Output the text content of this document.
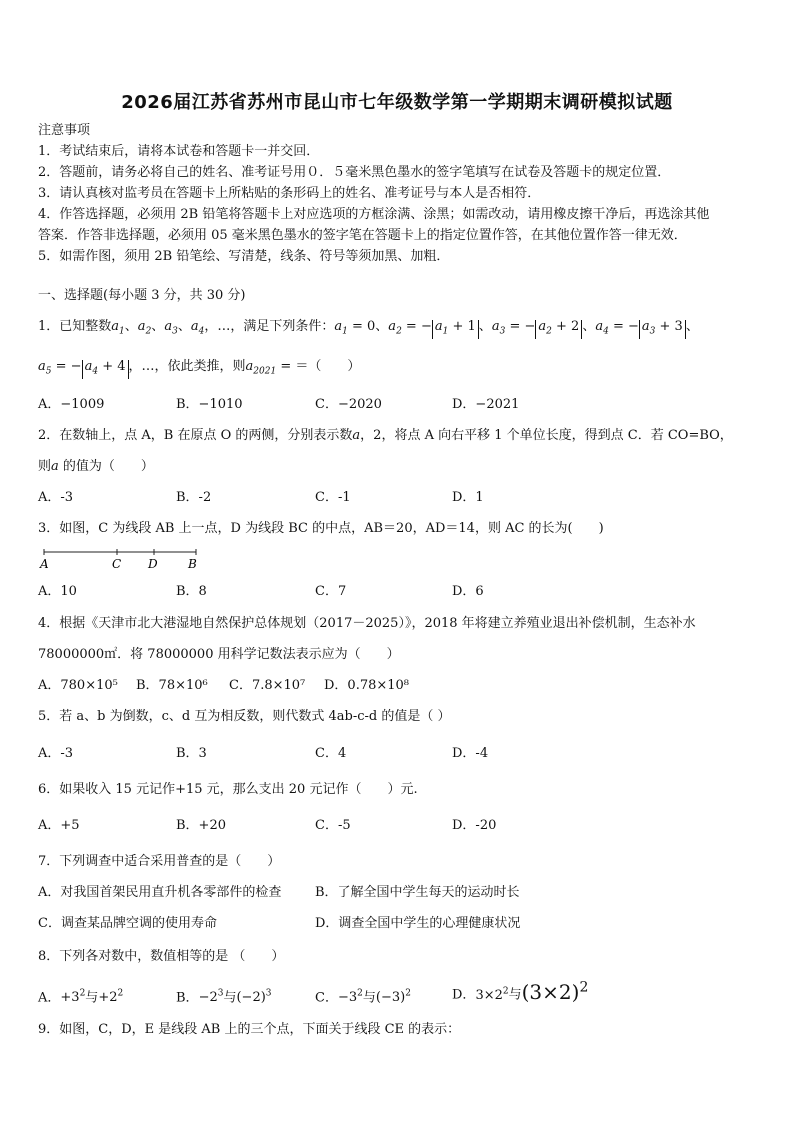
2026届江苏省苏州市昆山市七年级数学第一学期期末调研模拟试题
注意事项
1．考试结束后，请将本试卷和答题卡一并交回．
2．答题前，请务必将自己的姓名、准考证号用０．５毫米黑色墨水的签字笔填写在试卷及答题卡的规定位置．
3．请认真核对监考员在答题卡上所粘贴的条形码上的姓名、准考证号与本人是否相符．
4．作答选择题，必须用 2B 铅笔将答题卡上对应选项的方框涂满、涂黑；如需改动，请用橡皮擦干净后，再选涂其他
答案．作答非选择题，必须用 05 毫米黑色墨水的签字笔在答题卡上的指定位置作答，在其他位置作答一律无效．
5．如需作图，须用 2B 铅笔绘、写清楚，线条、符号等须加黑、加粗．
一、选择题(每小题 3 分，共 30 分)
1．已知整数$a_1$、$a_2$、$a_3$、$a_4$，…，满足下列条件：$a_1 = 0$、$a_2$ = − $a_1 + 1$ 、$a_3$ = − $a_2 + 2$ 、$a_4$ = − $a_3 + 3$ 、
$a_5$ = − $a_4 + 4$ ，…，依此类推，则$a_{2021}$ = ＝（　　）
A．−1009	B．−1010	C．−2020	D．−2021
2．在数轴上，点 A，B 在原点 O 的两侧，分别表示数a，2，将点 A 向右平移 1 个单位长度，得到点 C．若 CO=BO，
则a 的值为（　　）
A．-3	B．-2	C．-1	D．1
3．如图，C 为线段 AB 上一点，D 为线段 BC 的中点，AB＝20，AD＝14，则 AC 的长为(　　)
A	C D	B
A．10	B．8	C．7	D．6
4．根据《天津市北大港湿地自然保护总体规划（2017－2025）》，2018 年将建立养殖业退出补偿机制，生态补水
78000000㎡．将 78000000 用科学记数法表示应为（　　）
A．780×10⁵ B．78×10⁶ C．7.8×10⁷ D．0.78×10⁸
5．若 a、b 为倒数，c、d 互为相反数，则代数式 4ab-c-d 的值是（ ）
A．-3	B．3	C．4	D．-4
6．如果收入 15 元记作+15 元，那么支出 20 元记作（　　）元.
A．+5	B．+20	C．-5	D．-20
7．下列调查中适合采用普查的是（　　）
A．对我国首架民用直升机各零部件的检查	B．了解全国中学生每天的运动时长
C．调查某品牌空调的使用寿命	D．调查全国中学生的心理健康状况
8．下列各对数中，数值相等的是 （　　）
A．$+3^2$与$+2^2$	B．$-2^3$与$(-2)^3$	C．$-3^2$与$(-3)^2$	D．$3\times 2^2$与$(3\times 2)^2$
9．如图，C，D，E 是线段 AB 上的三个点，下面关于线段 CE 的表示：
